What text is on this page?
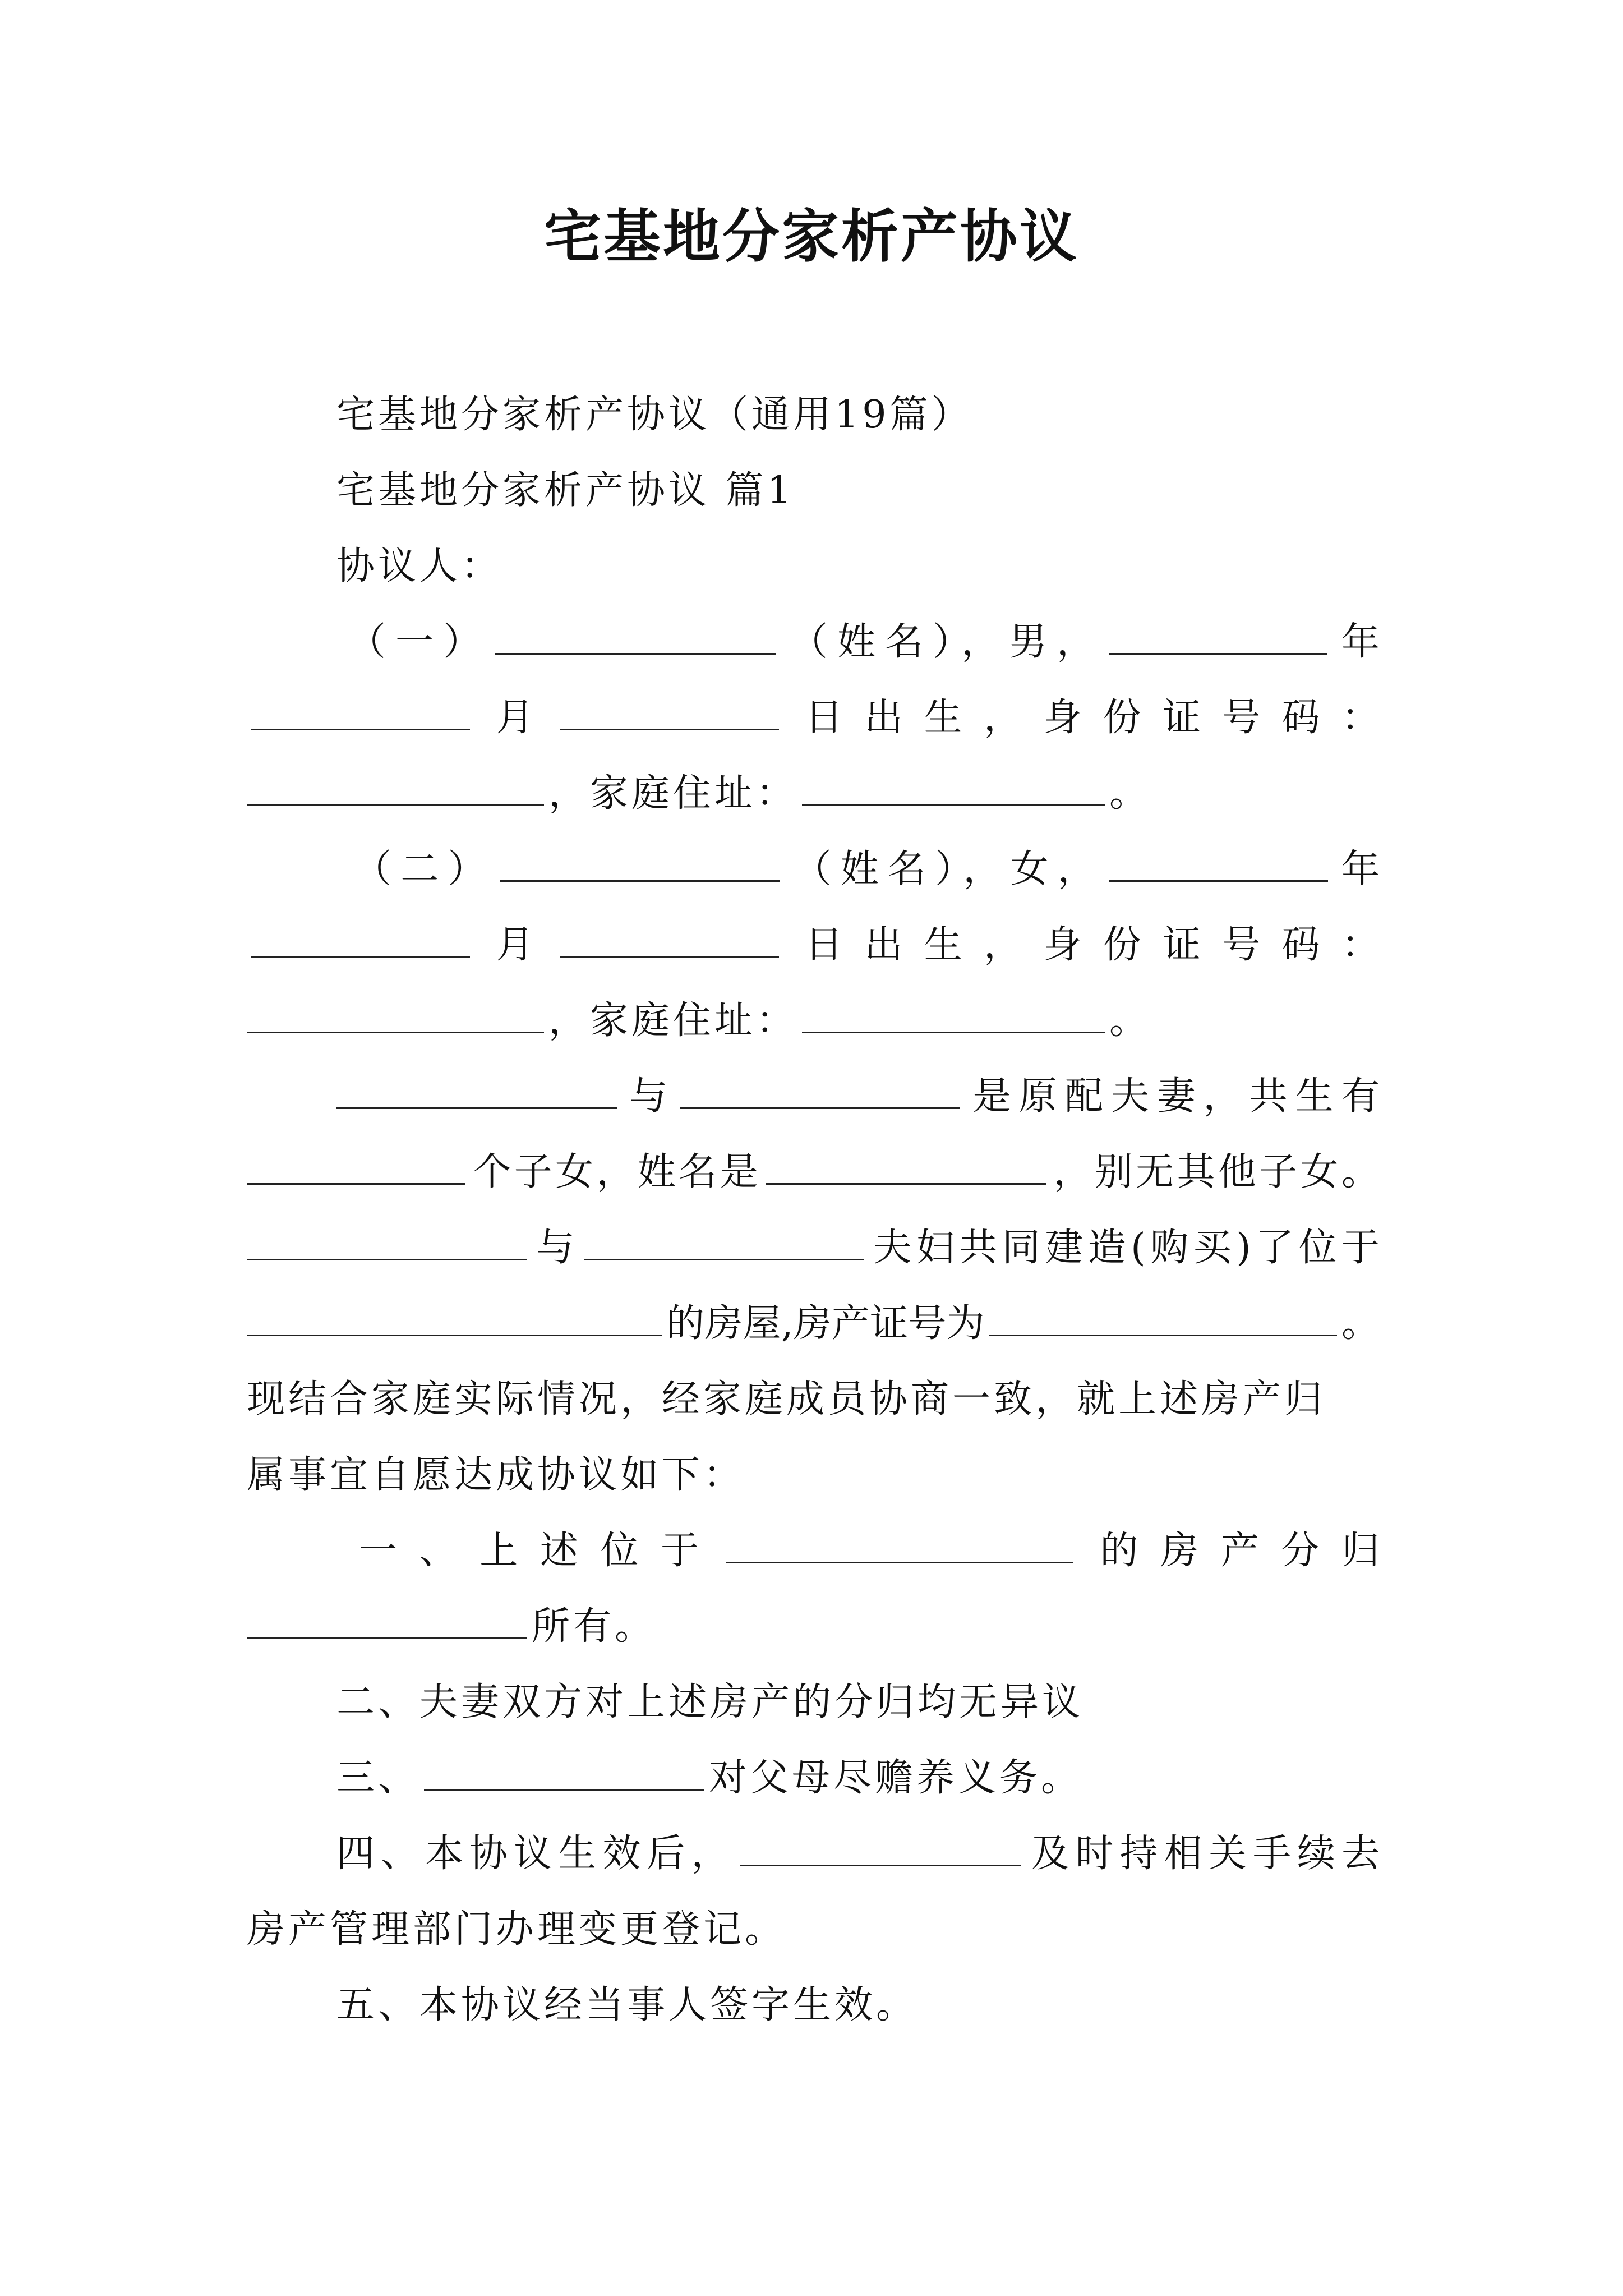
宅基地分家析产协议
宅基地分家析产协议（通用19篇）
宅基地分家析产协议 篇1
协议人：
（一）	（姓名），男，	年
月	日出生，身份证号码：
，家庭住址：	。
（二）	（姓名），女，	年
月	日出生，身份证号码：
，家庭住址：	。
与	是原配夫妻，共生有
个子女，姓名是	，别无其他子女。
与	夫妇共同建造(购买)了位于
的房屋,房产证号为	。
现结合家庭实际情况，经家庭成员协商一致，就上述房产归
属事宜自愿达成协议如下：
一、上述位于	的房产分归
所有。
二、夫妻双方对上述房产的分归均无异议
三、	对父母尽赡养义务。
四、本协议生效后，	及时持相关手续去
房产管理部门办理变更登记。
五、本协议经当事人签字生效。
